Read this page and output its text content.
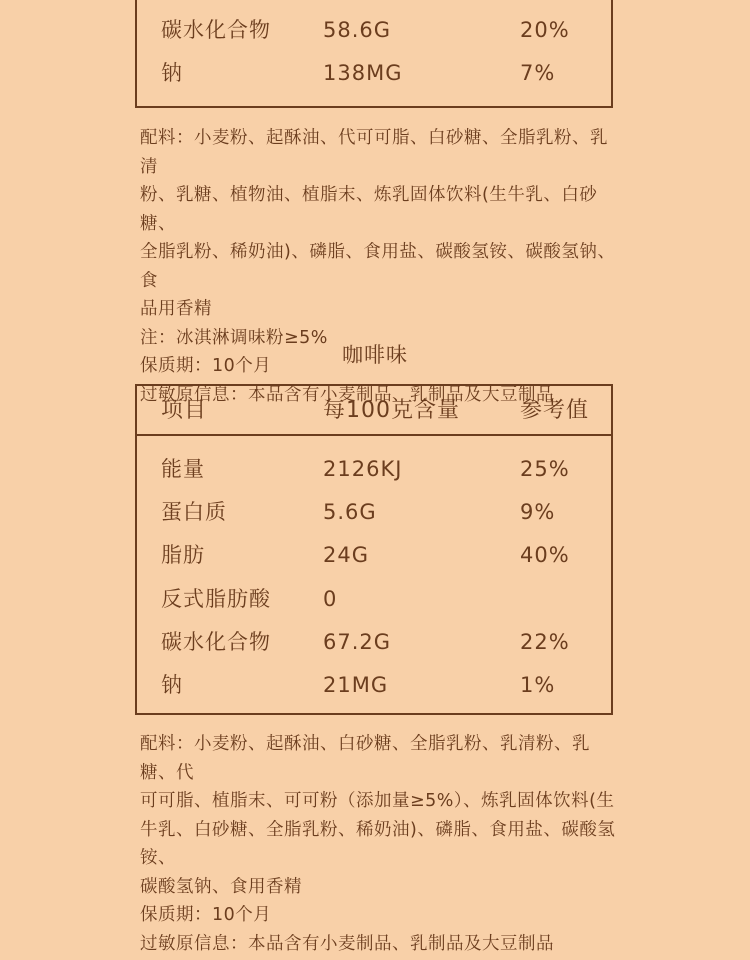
碳水化合物 58.6G	20%
钠	138MG	7%

配料：小麦粉、起酥油、代可可脂、白砂糖、全脂乳粉、乳清

粉、乳糖、植物油、植脂末、炼乳固体饮料(生牛乳、白砂糖、

全脂乳粉、稀奶油)、磷脂、食用盐、碳酸氢铵、碳酸氢钠、食

品用香精

注：冰淇淋调味粉≥5%

保质期：10个月

过敏原信息：本品含有小麦制品、乳制品及大豆制品

咖啡味
项目	每100克含量	参考值
能量	2126KJ	25%
蛋白质	5.6G	9%
脂肪	24G	40%
反式脂肪酸 0
碳水化合物 67.2G	22%
钠	21MG	1%

配料：小麦粉、起酥油、白砂糖、全脂乳粉、乳清粉、乳糖、代

可可脂、植脂末、可可粉（添加量≥5%）、炼乳固体饮料(生

牛乳、白砂糖、全脂乳粉、稀奶油)、磷脂、食用盐、碳酸氢铵、

碳酸氢钠、食用香精

保质期：10个月

过敏原信息：本品含有小麦制品、乳制品及大豆制品
